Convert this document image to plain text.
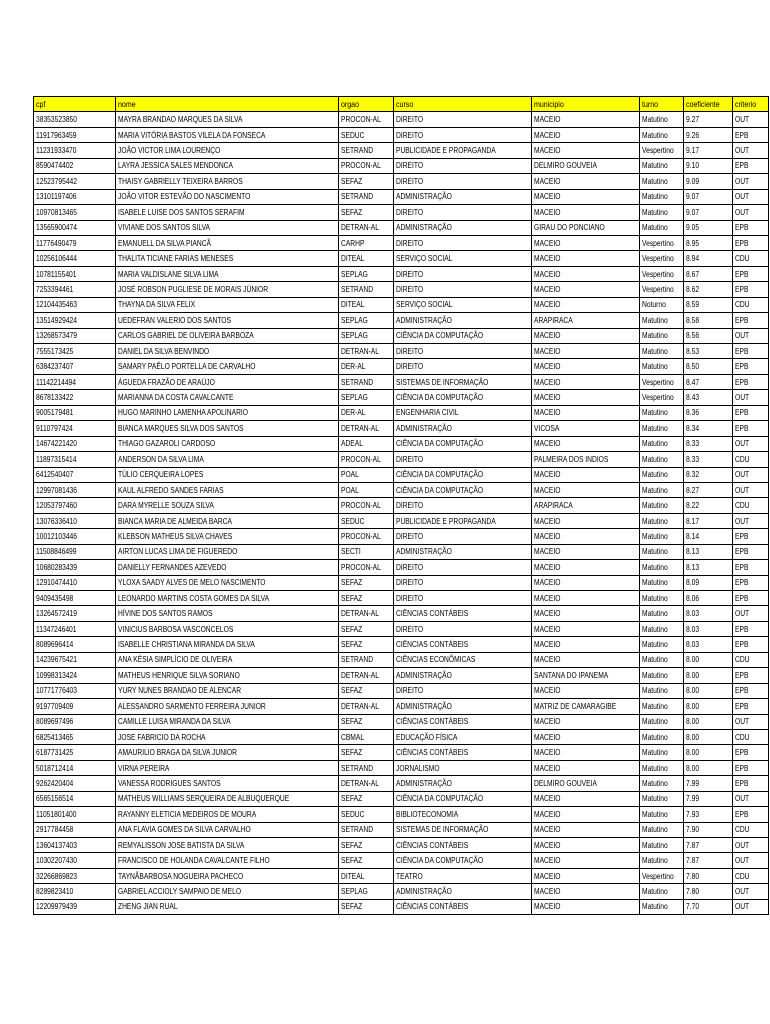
cpf	nome	orgao	curso	municipio	turno	coeficiente	criterio
38353523850	MAYRA BRANDAO MARQUES DA SILVA	PROCON-AL	DIREITO	MACEIO	Matutino	9.27	OUT
11917963459	MARIA VITÓRIA BASTOS VILELA DA FONSECA	SEDUC	DIREITO	MACEIO	Matutino	9.26	EPB
11231933470	JOÃO VICTOR LIMA LOURENÇO	SETRAND	PUBLICIDADE E PROPAGANDA	MACEIO	Vespertino	9.17	OUT
8590474402	LAYRA JESSICA SALES MENDONCA	PROCON-AL	DIREITO	DELMIRO GOUVEIA	Matutino	9.10	EPB
12523795442	THAISY GABRIELLY TEIXEIRA BARROS	SEFAZ	DIREITO	MACEIO	Matutino	9.09	OUT
13101197406	JOÃO VITOR ESTEVÃO DO NASCIMENTO	SETRAND	ADMINISTRAÇÃO	MACEIO	Matutino	9.07	OUT
10970813465	ISABELE LUISE DOS SANTOS SERAFIM	SEFAZ	DIREITO	MACEIO	Matutino	9.07	OUT
13565900474	VIVIANE DOS SANTOS SILVA	DETRAN-AL	ADMINISTRAÇÃO	GIRAU DO PONCIANO	Matutino	9.05	EPB
11776490479	EMANUELL DA SILVA PIANCÃ	CARHP	DIREITO	MACEIO	Vespertino	8.95	EPB
10256106444	THALITA TICIANE FARIAS MENESES	DITEAL	SERVIÇO SOCIAL	MACEIO	Vespertino	8.94	CDU
10781155401	MARIA VALDISLANE SILVA LIMA	SEPLAG	DIREITO	MACEIO	Vespertino	8.67	EPB
7253394461	JOSÉ ROBSON PUGLIESE DE MORAIS JÚNIOR	SETRAND	DIREITO	MACEIO	Vespertino	8.62	EPB
12104435463	THAYNA DA SILVA FELIX	DITEAL	SERVIÇO SOCIAL	MACEIO	Noturno	8.59	CDU
13514929424	UEDEFRAN VALERIO DOS SANTOS	SEPLAG	ADMINISTRAÇÃO	ARAPIRACA	Matutino	8.58	EPB
13268573479	CARLOS GABRIEL DE OLIVEIRA BARBOZA	SEPLAG	CIÊNCIA DA COMPUTAÇÃO	MACEIO	Matutino	8.56	OUT
7555173425	DANIEL DA SILVA BENVINDO	DETRAN-AL	DIREITO	MACEIO	Matutino	8.53	EPB
6384237407	SAMARY PAÊLO PORTELLA DE CARVALHO	DER-AL	DIREITO	MACEIO	Matutino	8.50	EPB
11142214494	ÁGUEDA FRAZÃO DE ARAÚJO	SETRAND	SISTEMAS DE INFORMAÇÃO	MACEIO	Vespertino	8.47	EPB
8678133422	MARIANNA DA COSTA CAVALCANTE	SEPLAG	CIÊNCIA DA COMPUTAÇÃO	MACEIO	Vespertino	8.43	OUT
9005179481	HUGO MARINHO LAMENHA APOLINARIO	DER-AL	ENGENHARIA CIVIL	MACEIO	Matutino	8.36	EPB
9110797424	BIANCA MARQUES SILVA DOS SANTOS	DETRAN-AL	ADMINISTRAÇÃO	VICOSA	Matutino	8.34	EPB
14674221420	THIAGO GAZAROLI CARDOSO	ADEAL	CIÊNCIA DA COMPUTAÇÃO	MACEIO	Matutino	8.33	OUT
11897315414	ANDERSON DA SILVA LIMA	PROCON-AL	DIREITO	PALMEIRA DOS INDIOS	Matutino	8.33	CDU
6412540407	TÚLIO CERQUEIRA LOPES	POAL	CIÊNCIA DA COMPUTAÇÃO	MACEIO	Matutino	8.32	OUT
12997081436	KAUL ALFREDO SANDES FARIAS	POAL	CIÊNCIA DA COMPUTAÇÃO	MACEIO	Matutino	8.27	OUT
12053797460	DARA MYRELLE SOUZA SILVA	PROCON-AL	DIREITO	ARAPIRACA	Matutino	8.22	CDU
13076336410	BIANCA MARIA DE ALMEIDA BARCA	SEDUC	PUBLICIDADE E PROPAGANDA	MACEIO	Matutino	8.17	OUT
10012103446	KLEBSON MATHEUS SILVA CHAVES	PROCON-AL	DIREITO	MACEIO	Matutino	8.14	EPB
11508846499	AIRTON LUCAS LIMA DE FIGUEREDO	SECTI	ADMINISTRAÇÃO	MACEIO	Matutino	8.13	EPB
10680283439	DANIELLY FERNANDES AZEVEDO	PROCON-AL	DIREITO	MACEIO	Matutino	8.13	EPB
12910474410	YLOXA SAADY ALVES DE MELO NASCIMENTO	SEFAZ	DIREITO	MACEIO	Matutino	8.09	EPB
9409435498	LEONARDO MARTINS COSTA GOMES DA SILVA	SEFAZ	DIREITO	MACEIO	Matutino	8.06	EPB
13264572419	HÍVINE DOS SANTOS RAMOS	DETRAN-AL	CIÊNCIAS CONTÁBEIS	MACEIO	Matutino	8.03	OUT
11347246401	VINICIUS BARBOSA VASCONCELOS	SEFAZ	DIREITO	MACEIO	Matutino	8.03	EPB
8089696414	ISABELLE CHRISTIANA MIRANDA DA SILVA	SEFAZ	CIÊNCIAS CONTÁBEIS	MACEIO	Matutino	8.03	EPB
14239675421	ANA KÉSIA SIMPLÍCIO DE OLIVEIRA	SETRAND	CIÊNCIAS ECONÔMICAS	MACEIO	Matutino	8.00	CDU
10998313424	MATHEUS HENRIQUE SILVA SORIANO	DETRAN-AL	ADMINISTRAÇÃO	SANTANA DO IPANEMA	Matutino	8.00	EPB
10771776403	YURY NUNES BRANDAO DE ALENCAR	SEFAZ	DIREITO	MACEIO	Matutino	8.00	EPB
9197709409	ALESSANDRO SARMENTO FERREIRA JUNIOR	DETRAN-AL	ADMINISTRAÇÃO	MATRIZ DE CAMARAGIBE	Matutino	8.00	EPB
8089697496	CAMILLE LUISA MIRANDA DA SILVA	SEFAZ	CIÊNCIAS CONTÁBEIS	MACEIO	Matutino	8.00	OUT
6825413465	JOSE FABRICIO DA ROCHA	CBMAL	EDUCAÇÃO FÍSICA	MACEIO	Matutino	8.00	CDU
6187731425	AMAURILIO BRAGA DA SILVA JUNIOR	SEFAZ	CIÊNCIAS CONTÁBEIS	MACEIO	Matutino	8.00	EPB
5018712414	VIRNA PEREIRA	SETRAND	JORNALISMO	MACEIO	Matutino	8.00	EPB
9262420404	VANESSA RODRIGUES SANTOS	DETRAN-AL	ADMINISTRAÇÃO	DELMIRO GOUVEIA	Matutino	7.99	EPB
6565156514	MATHEUS WILLIAMS SERQUEIRA DE ALBUQUERQUE	SEFAZ	CIÊNCIA DA COMPUTAÇÃO	MACEIO	Matutino	7.99	OUT
11051801400	RAYANNY ELETICIA MEDEIROS DE MOURA	SEDUC	BIBLIOTECONOMIA	MACEIO	Matutino	7.93	EPB
2917784458	ANA FLAVIA GOMES DA SILVA CARVALHO	SETRAND	SISTEMAS DE INFORMAÇÃO	MACEIO	Matutino	7.90	CDU
13604137403	REMYALISSON JOSE BATISTA DA SILVA	SEFAZ	CIÊNCIAS CONTÁBEIS	MACEIO	Matutino	7.87	OUT
10302207430	FRANCISCO DE HOLANDA CAVALCANTE FILHO	SEFAZ	CIÊNCIA DA COMPUTAÇÃO	MACEIO	Matutino	7.87	OUT
32266869823	TAYNÃBARBOSA NOGUEIRA PACHECO	DITEAL	TEATRO	MACEIO	Vespertino	7.80	CDU
8289823410	GABRIEL ACCIOLY SAMPAIO DE MELO	SEPLAG	ADMINISTRAÇÃO	MACEIO	Matutino	7.80	OUT
12209979439	ZHENG JIAN RUAL	SEFAZ	CIÊNCIAS CONTÁBEIS	MACEIO	Matutino	7.70	OUT
